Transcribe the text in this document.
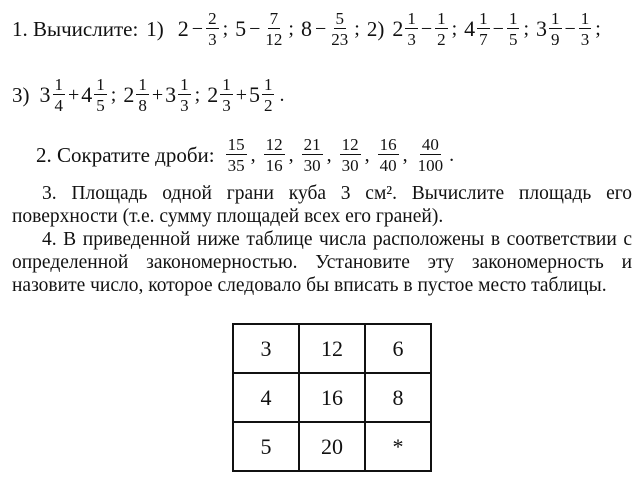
1. Вычислите: 1) $2 - \frac{2}{3}$ ; $5 - \frac{7}{12}$ ; $8 - \frac{5}{23}$ ; 2) $2 \frac{1}{3} - \frac{1}{2}$ ; $4 \frac{1}{7} - \frac{1}{5}$ ; $3 \frac{1}{9} - \frac{1}{3}$ ;
3) $3 \frac{1}{4} + 4 \frac{1}{5}$ ; $2 \frac{1}{8} + 3 \frac{1}{3}$ ; $2 \frac{1}{3} + 5 \frac{1}{2}$ .
2. Сократите дроби: $\frac{15}{35}$ , $\frac{12}{16}$ , $\frac{21}{30}$ , $\frac{12}{30}$ , $\frac{16}{40}$ , $\frac{40}{100}$ .
3. Площадь одной грани куба 3 см². Вычислите площадь его поверхности (т.е. сумму площадей всех его граней).
4. В приведенной ниже таблице числа расположены в соответствии с определенной закономерностью. Установите эту закономерность и назовите число, которое следовало бы вписать в пустое место таблицы.
3	12	6
4	16	8
5	20	*
